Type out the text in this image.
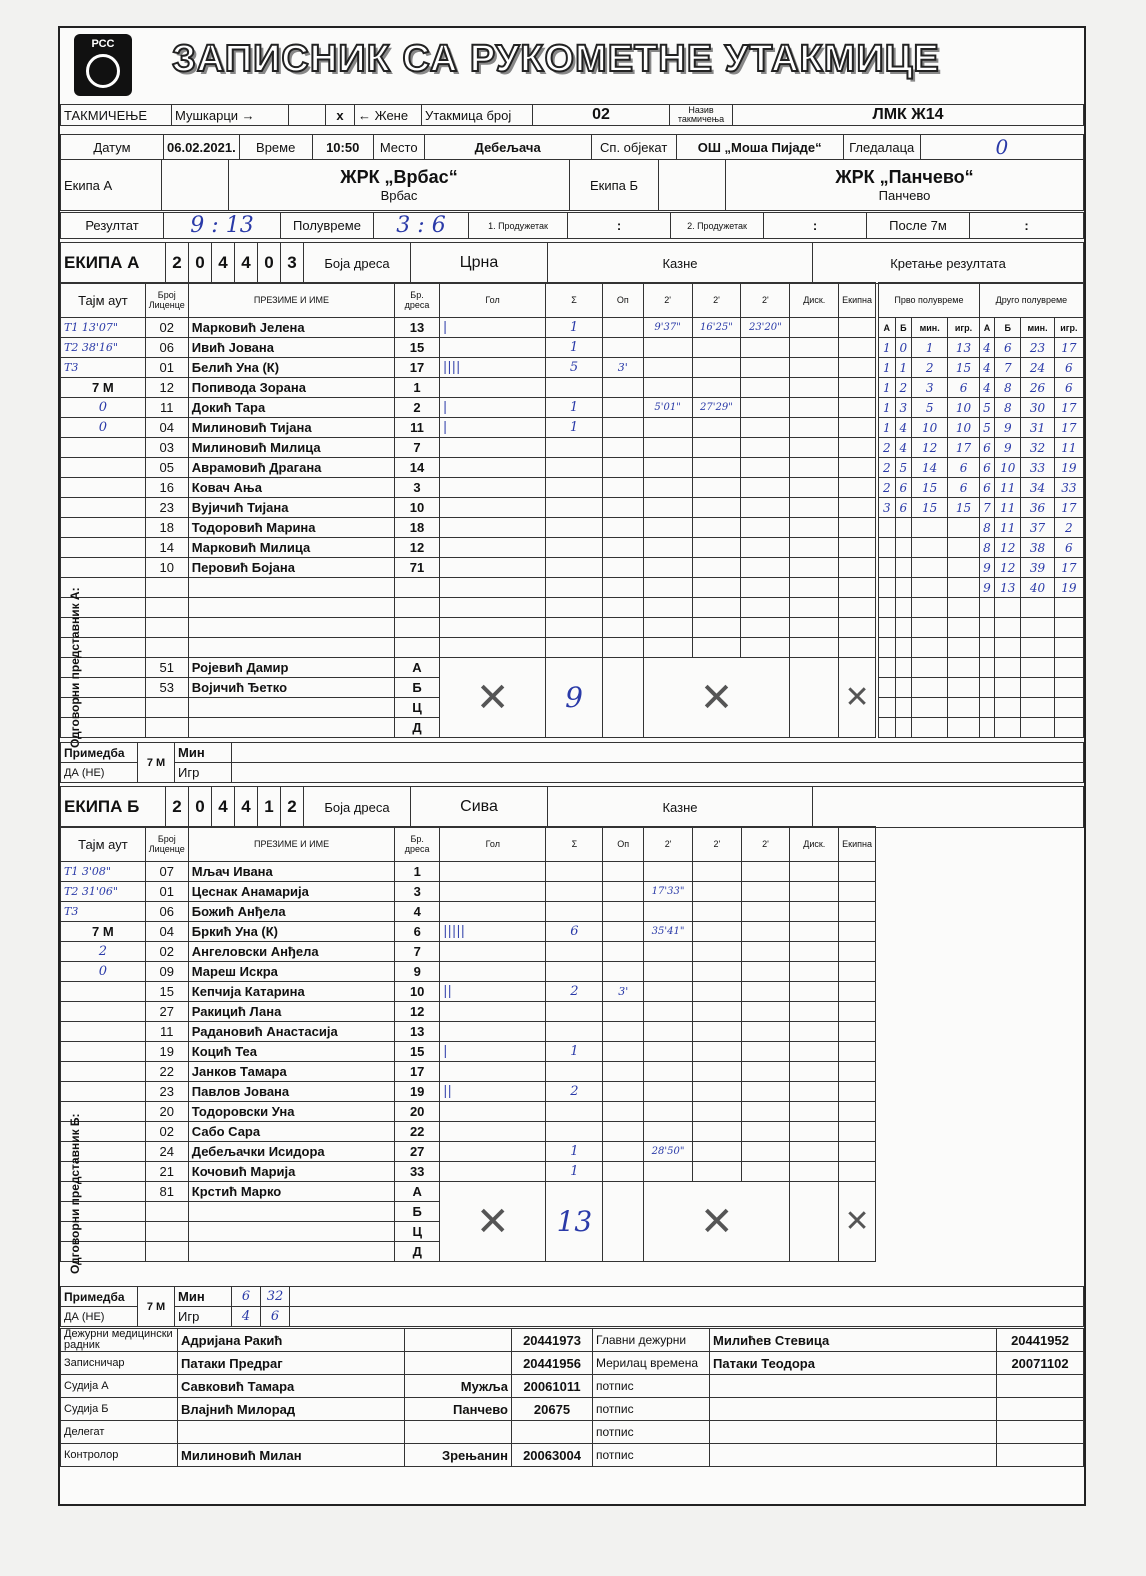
РСС	ЗАПИСНИК СА РУКОМЕТНЕ УТАКМИЦЕ
ТАКМИЧЕЊЕ	Мушкарци →		x	← Жене	Утакмица број	02	Назив такмичења	ЛМК Ж14
Датум	06.02.2021.	Време	10:50	Место	Дебељача	Сп. објекат	ОШ „Моша Пијаде“	Гледалаца	0
Екипа А		ЖРК „Врбас“
Врбас
	Екипа Б		ЖРК „Панчево“
Панчево
Резултат	9 : 13	Полувреме	3 : 6	1. Продужетак	:	2. Продужетак	:	После 7м	:
ЕКИПА А	2	0	4	4	0	3	Боја дреса	Црна	Казне	Кретање резултата
Тајм аут	Број Лиценце	ПРЕЗИМЕ И ИМЕ	Бр. дреса	Гол	Σ	Оп	2'	2'	2'	Диск.	Екипна
T1 13'07"	02	Марковић Јелена	13	|	1		9'37"	16'25"	23'20"		
T2 38'16"	06	Ивић Јована	15		1						
T3	01	Белић Уна (К)	17	||||	5	3'					
7 M	12	Попивода Зорана	1								
0	11	Докић Тара	2	|	1		5'01"	27'29"			
0	04	Милиновић Тијана	11	|	1						
	03	Милиновић Милица	7								
	05	Аврамовић Драгана	14								
	16	Ковач Ања	3								
	23	Вујичић Тијана	10								
	18	Тодоровић Марина	18								
	14	Марковић Милица	12								
	10	Перовић Бојана	71								

	51	Ројевић Дамир	А	✕	9		✕				✕
	53	Војичић Ђетко	Б								
			Ц								
			Д								
Прво полувреме				Друго полувреме			
А	Б	мин.	игр.	А	Б	мин.	игр.
1	0	1	13	4	6	23	17
1	1	2	15	4	7	24	6
1	2	3	6	4	8	26	6
1	3	5	10	5	8	30	17
1	4	10	10	5	9	31	17
2	4	12	17	6	9	32	11
2	5	14	6	6	10	33	19
2	6	15	6	6	11	34	33
3	6	15	15	7	11	36	17
				8	11	37	2
				8	12	38	6
				9	12	39	17
				9	13	40	19

Одговорни представник А:
Примедба	7 M	Мин	
ДА (НЕ)		Игр	
ЕКИПА Б	2	0	4	4	1	2	Боја дреса	Сива	Казне	
Тајм аут	Број Лиценце	ПРЕЗИМЕ И ИМЕ	Бр. дреса	Гол	Σ	Оп	2'	2'	2'	Диск.	Екипна
T1 3'08"	07	Мљач Ивана	1								
T2 31'06"	01	Цеснак Анамарија	3				17'33"				
T3	06	Божић Анђела	4								
7 M	04	Бркић Уна (К)	6	|||||	6		35'41"				
2	02	Ангеловски Анђела	7								
0	09	Мареш Искра	9								
	15	Кепчија Катарина	10	||	2	3'					
	27	Ракицић Лана	12								
	11	Радановић Анастасија	13								
	19	Коцић Теа	15	|	1						
	22	Јанков Тамара	17								
	23	Павлов Јована	19	||	2						
	20	Тодоровски Уна	20								
	02	Сабо Сара	22								
	24	Дебељачки Исидора	27		1		28'50"				
	21	Кочовић Марија	33		1						
	81	Крстић Марко	А	✕	13		✕				✕
			Б								
			Ц								
			Д								
Одговорни представник Б:
Примедба	7 M	Мин	6	32	
ДА (НЕ)		Игр	4	6	
Дежурни медицински радник	Адријана Ракић		20441973	Главни дежурни	Милићев Стевица	20441952
Записничар	Патаки Предраг		20441956	Мерилац времена	Патаки Теодора	20071102
Судија А	Савковић Тамара	Мужља	20061011	потпис		
Судија Б	Влајнић Милорад	Панчево	20675	потпис		
Делегат				потпис		
Контролор	Милиновић Милан	Зрењанин	20063004	потпис		
